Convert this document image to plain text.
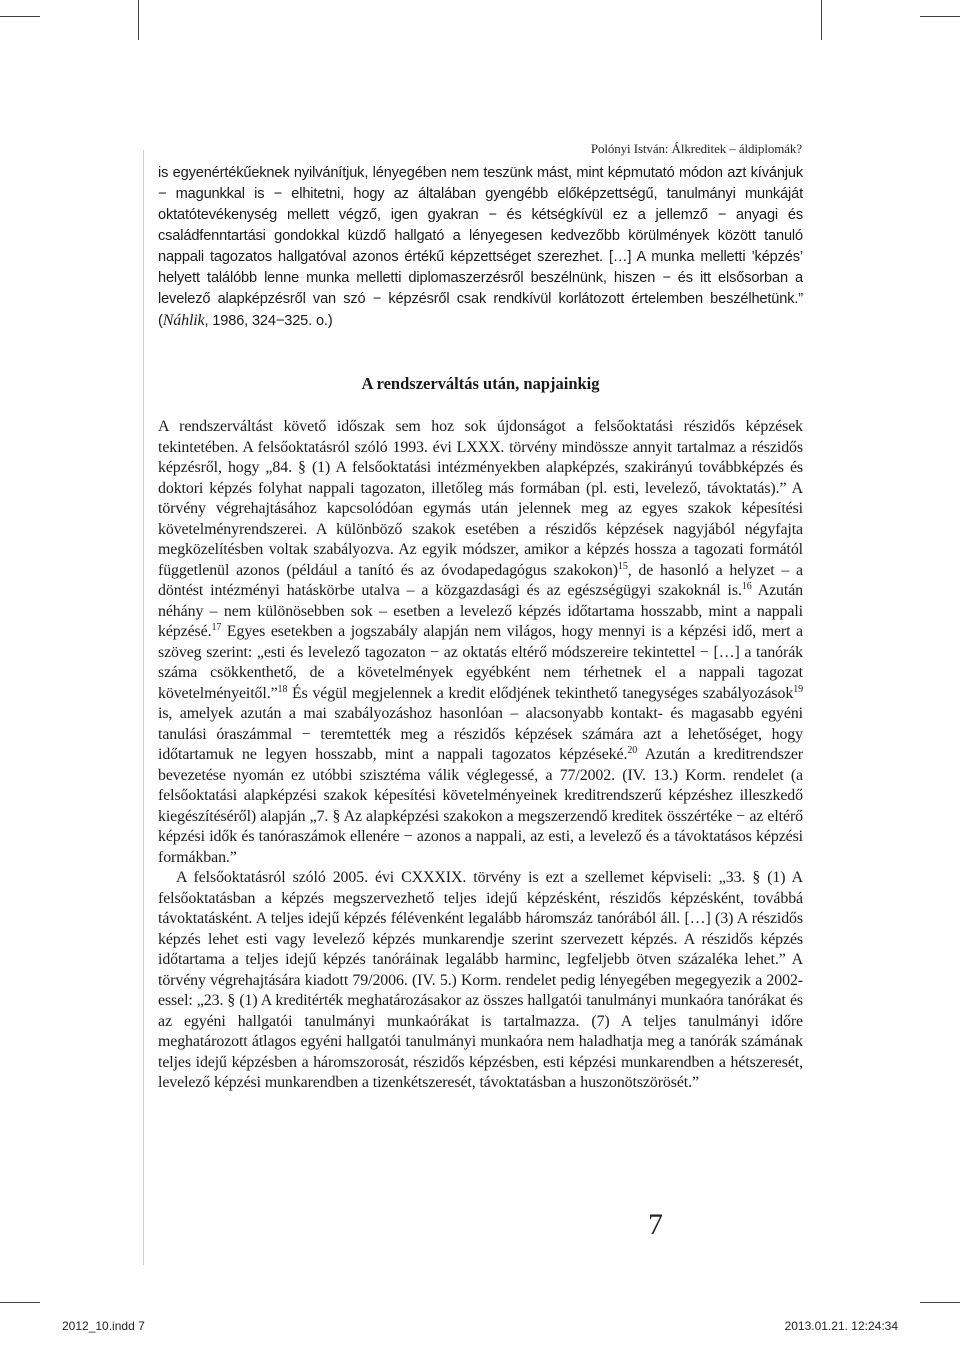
Polónyi István: Álkreditek – áldiplomák?

is egyenértékűeknek nyilvánítjuk, lényegében nem teszünk mást, mint képmutató módon azt kívánjuk − magunkkal is − elhitetni, hogy az általában gyengébb előképzettségű, tanulmányi munkáját oktatótevékenység mellett végző, igen gyakran − és kétségkívül ez a jellemző − anyagi és családfenntartási gondokkal küzdő hallgató a lényegesen kedvezőbb körülmények között tanuló nappali tagozatos hallgatóval azonos értékű képzettséget szerezhet. […] A munka melletti ’képzés’ helyett találóbb lenne munka melletti diplomaszerzésről beszélnünk, hiszen − és itt elsősorban a levelező alapképzésről van szó − képzésről csak rendkívül korlátozott értelemben beszélhetünk.” (Náhlik, 1986, 324−325. o.)

A rendszerváltás után, napjainkig

A rendszerváltást követő időszak sem hoz sok újdonságot a felsőoktatási részidős képzések tekintetében. A felsőoktatásról szóló 1993. évi LXXX. törvény mindössze annyit tartalmaz a részidős képzésről, hogy „84. § (1) A felsőoktatási intézményekben alapképzés, szakirányú továbbképzés és doktori képzés folyhat nappali tagozaton, illetőleg más formában (pl. esti, levelező, távoktatás).” A törvény végrehajtásához kapcsolódóan egymás után jelennek meg az egyes szakok képesítési követelményrendszerei. A különböző szakok esetében a részidős képzések nagyjából négyfajta megközelítésben voltak szabályozva. Az egyik módszer, amikor a képzés hossza a tagozati formától függetlenül azonos (például a tanító és az óvodapedagógus szakokon)$^{15}$, de hasonló a helyzet – a döntést intézményi hatáskörbe utalva – a közgazdasági és az egészségügyi szakoknál is.$^{16}$ Azután néhány – nem különösebben sok – esetben a levelező képzés időtartama hosszabb, mint a nappali képzésé.$^{17}$ Egyes esetekben a jogszabály alapján nem világos, hogy mennyi is a képzési idő, mert a szöveg szerint: „esti és levelező tagozaton − az oktatás eltérő módszereire tekintettel − […] a tanórák száma csökkenthető, de a követelmények egyébként nem térhetnek el a nappali tagozat követelményeitől.”$^{18}$ És végül megjelennek a kredit elődjének tekinthető tanegységes szabályozások$^{19}$ is, amelyek azután a mai szabályozáshoz hasonlóan – alacsonyabb kontakt- és magasabb egyéni tanulási óraszámmal − teremtették meg a részidős képzések számára azt a lehetőséget, hogy időtartamuk ne legyen hosszabb, mint a nappali tagozatos képzéseké.$^{20}$ Azután a kreditrendszer bevezetése nyomán ez utóbbi szisztéma válik véglegessé, a 77/2002. (IV. 13.) Korm. rendelet (a felsőoktatási alapképzési szakok képesítési követelményeinek kreditrendszerű képzéshez illeszkedő kiegészítéséről) alapján „7. § Az alapképzési szakokon a megszerzendő kreditek összértéke − az eltérő képzési idők és tanóraszámok ellenére − azonos a nappali, az esti, a levelező és a távoktatásos képzési formákban.”

A felsőoktatásról szóló 2005. évi CXXXIX. törvény is ezt a szellemet képviseli: „33. § (1) A felsőoktatásban a képzés megszervezhető teljes idejű képzésként, részidős képzésként, továbbá távoktatásként. A teljes idejű képzés félévenként legalább háromszáz tanórából áll. […] (3) A részidős képzés lehet esti vagy levelező képzés munkarendje szerint szervezett képzés. A részidős képzés időtartama a teljes idejű képzés tanóráinak legalább harminc, legfeljebb ötven százaléka lehet.” A törvény végrehajtására kiadott 79/2006. (IV. 5.) Korm. rendelet pedig lényegében megegyezik a 2002-essel: „23. § (1) A kreditérték meghatározásakor az összes hallgatói tanulmányi munkaóra tanórákat és az egyéni hallgatói tanulmányi munkaórákat is tartalmazza. (7) A teljes tanulmányi időre meghatározott átlagos egyéni hallgatói tanulmányi munkaóra nem haladhatja meg a tanórák számának teljes idejű képzésben a háromszorosát, részidős képzésben, esti képzési munkarendben a hétszeresét, levelező képzési munkarendben a tizenkétszeresét, távoktatásban a huszonötszörösét.”

7
2012_10.indd 7	2013.01.21. 12:24:34
